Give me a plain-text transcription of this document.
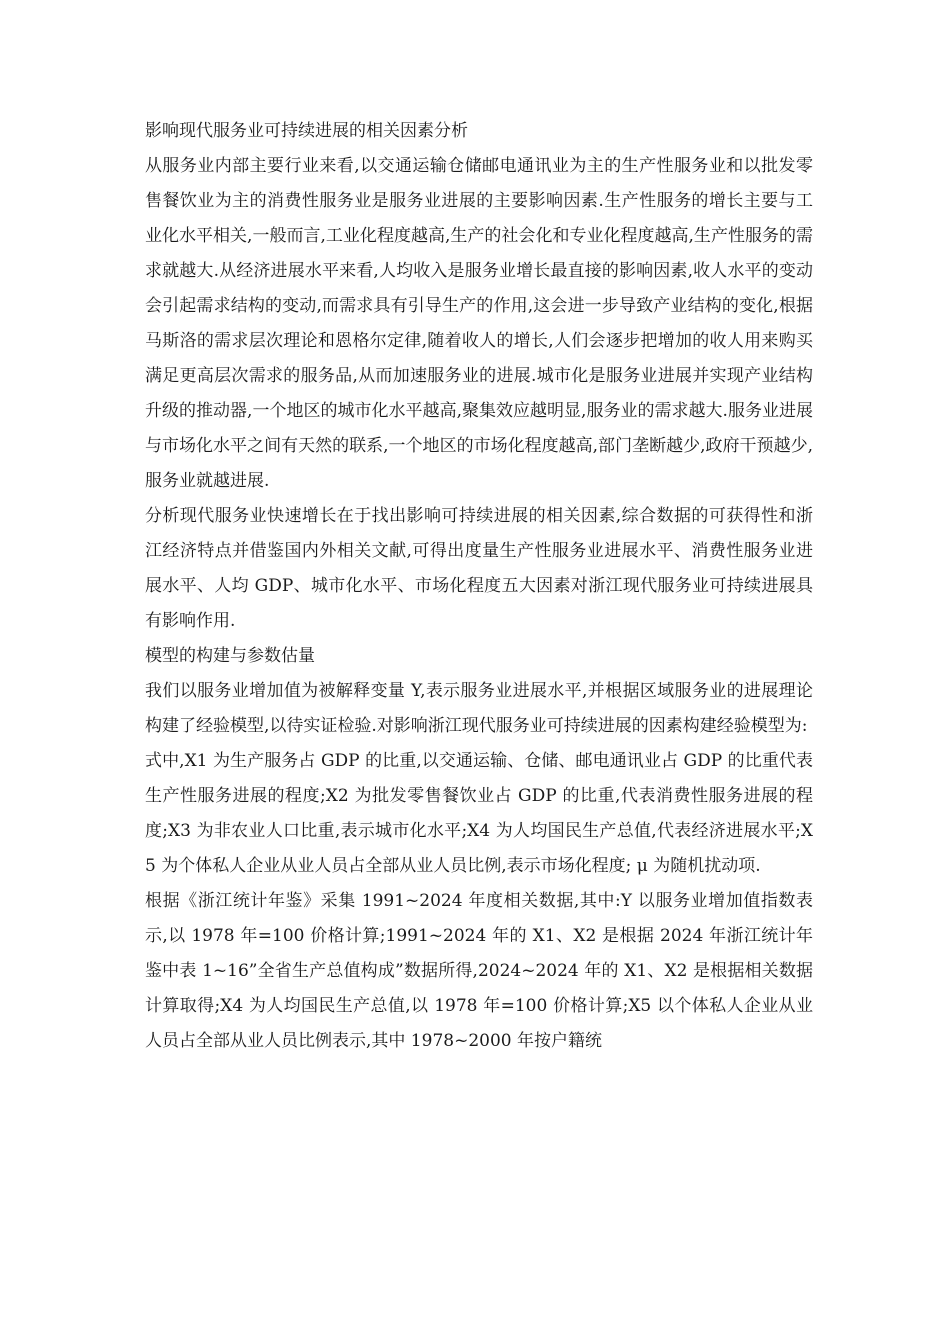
影响现代服务业可持续进展的相关因素分析

从服务业内部主要行业来看,以交通运输仓储邮电通讯业为主的生产性服务业和以批发零售餐饮业为主的消费性服务业是服务业进展的主要影响因素.生产性服务的增长主要与工业化水平相关,一般而言,工业化程度越高,生产的社会化和专业化程度越高,生产性服务的需求就越大.从经济进展水平来看,人均收入是服务业增长最直接的影响因素,收人水平的变动会引起需求结构的变动,而需求具有引导生产的作用,这会进一步导致产业结构的变化,根据马斯洛的需求层次理论和恩格尔定律,随着收人的增长,人们会逐步把增加的收人用来购买满足更高层次需求的服务品,从而加速服务业的进展.城市化是服务业进展并实现产业结构升级的推动器,一个地区的城市化水平越高,聚集效应越明显,服务业的需求越大.服务业进展与市场化水平之间有天然的联系,一个地区的市场化程度越高,部门垄断越少,政府干预越少,服务业就越进展.

分析现代服务业快速增长在于找出影响可持续进展的相关因素,综合数据的可获得性和浙江经济特点并借鉴国内外相关文献,可得出度量生产性服务业进展水平、消费性服务业进展水平、人均 GDP、城市化水平、市场化程度五大因素对浙江现代服务业可持续进展具有影响作用.

模型的构建与参数估量

我们以服务业增加值为被解释变量 Y,表示服务业进展水平,并根据区域服务业的进展理论构建了经验模型,以待实证检验.对影响浙江现代服务业可持续进展的因素构建经验模型为:

式中,X1 为生产服务占 GDP 的比重,以交通运输、仓储、邮电通讯业占 GDP 的比重代表生产性服务进展的程度;X2 为批发零售餐饮业占 GDP 的比重,代表消费性服务进展的程度;X3 为非农业人口比重,表示城市化水平;X4 为人均国民生产总值,代表经济进展水平;X5 为个体私人企业从业人员占全部从业人员比例,表示市场化程度; μ 为随机扰动项.

根据《浙江统计年鉴》采集 1991~2024 年度相关数据,其中:Y 以服务业增加值指数表示,以 1978 年=100 价格计算;1991~2024 年的 X1、X2 是根据 2024 年浙江统计年鉴中表 1~16”全省生产总值构成”数据所得,2024~2024 年的 X1、X2 是根据相关数据计算取得;X4 为人均国民生产总值,以 1978 年=100 价格计算;X5 以个体私人企业从业人员占全部从业人员比例表示,其中 1978~2000 年按户籍统
